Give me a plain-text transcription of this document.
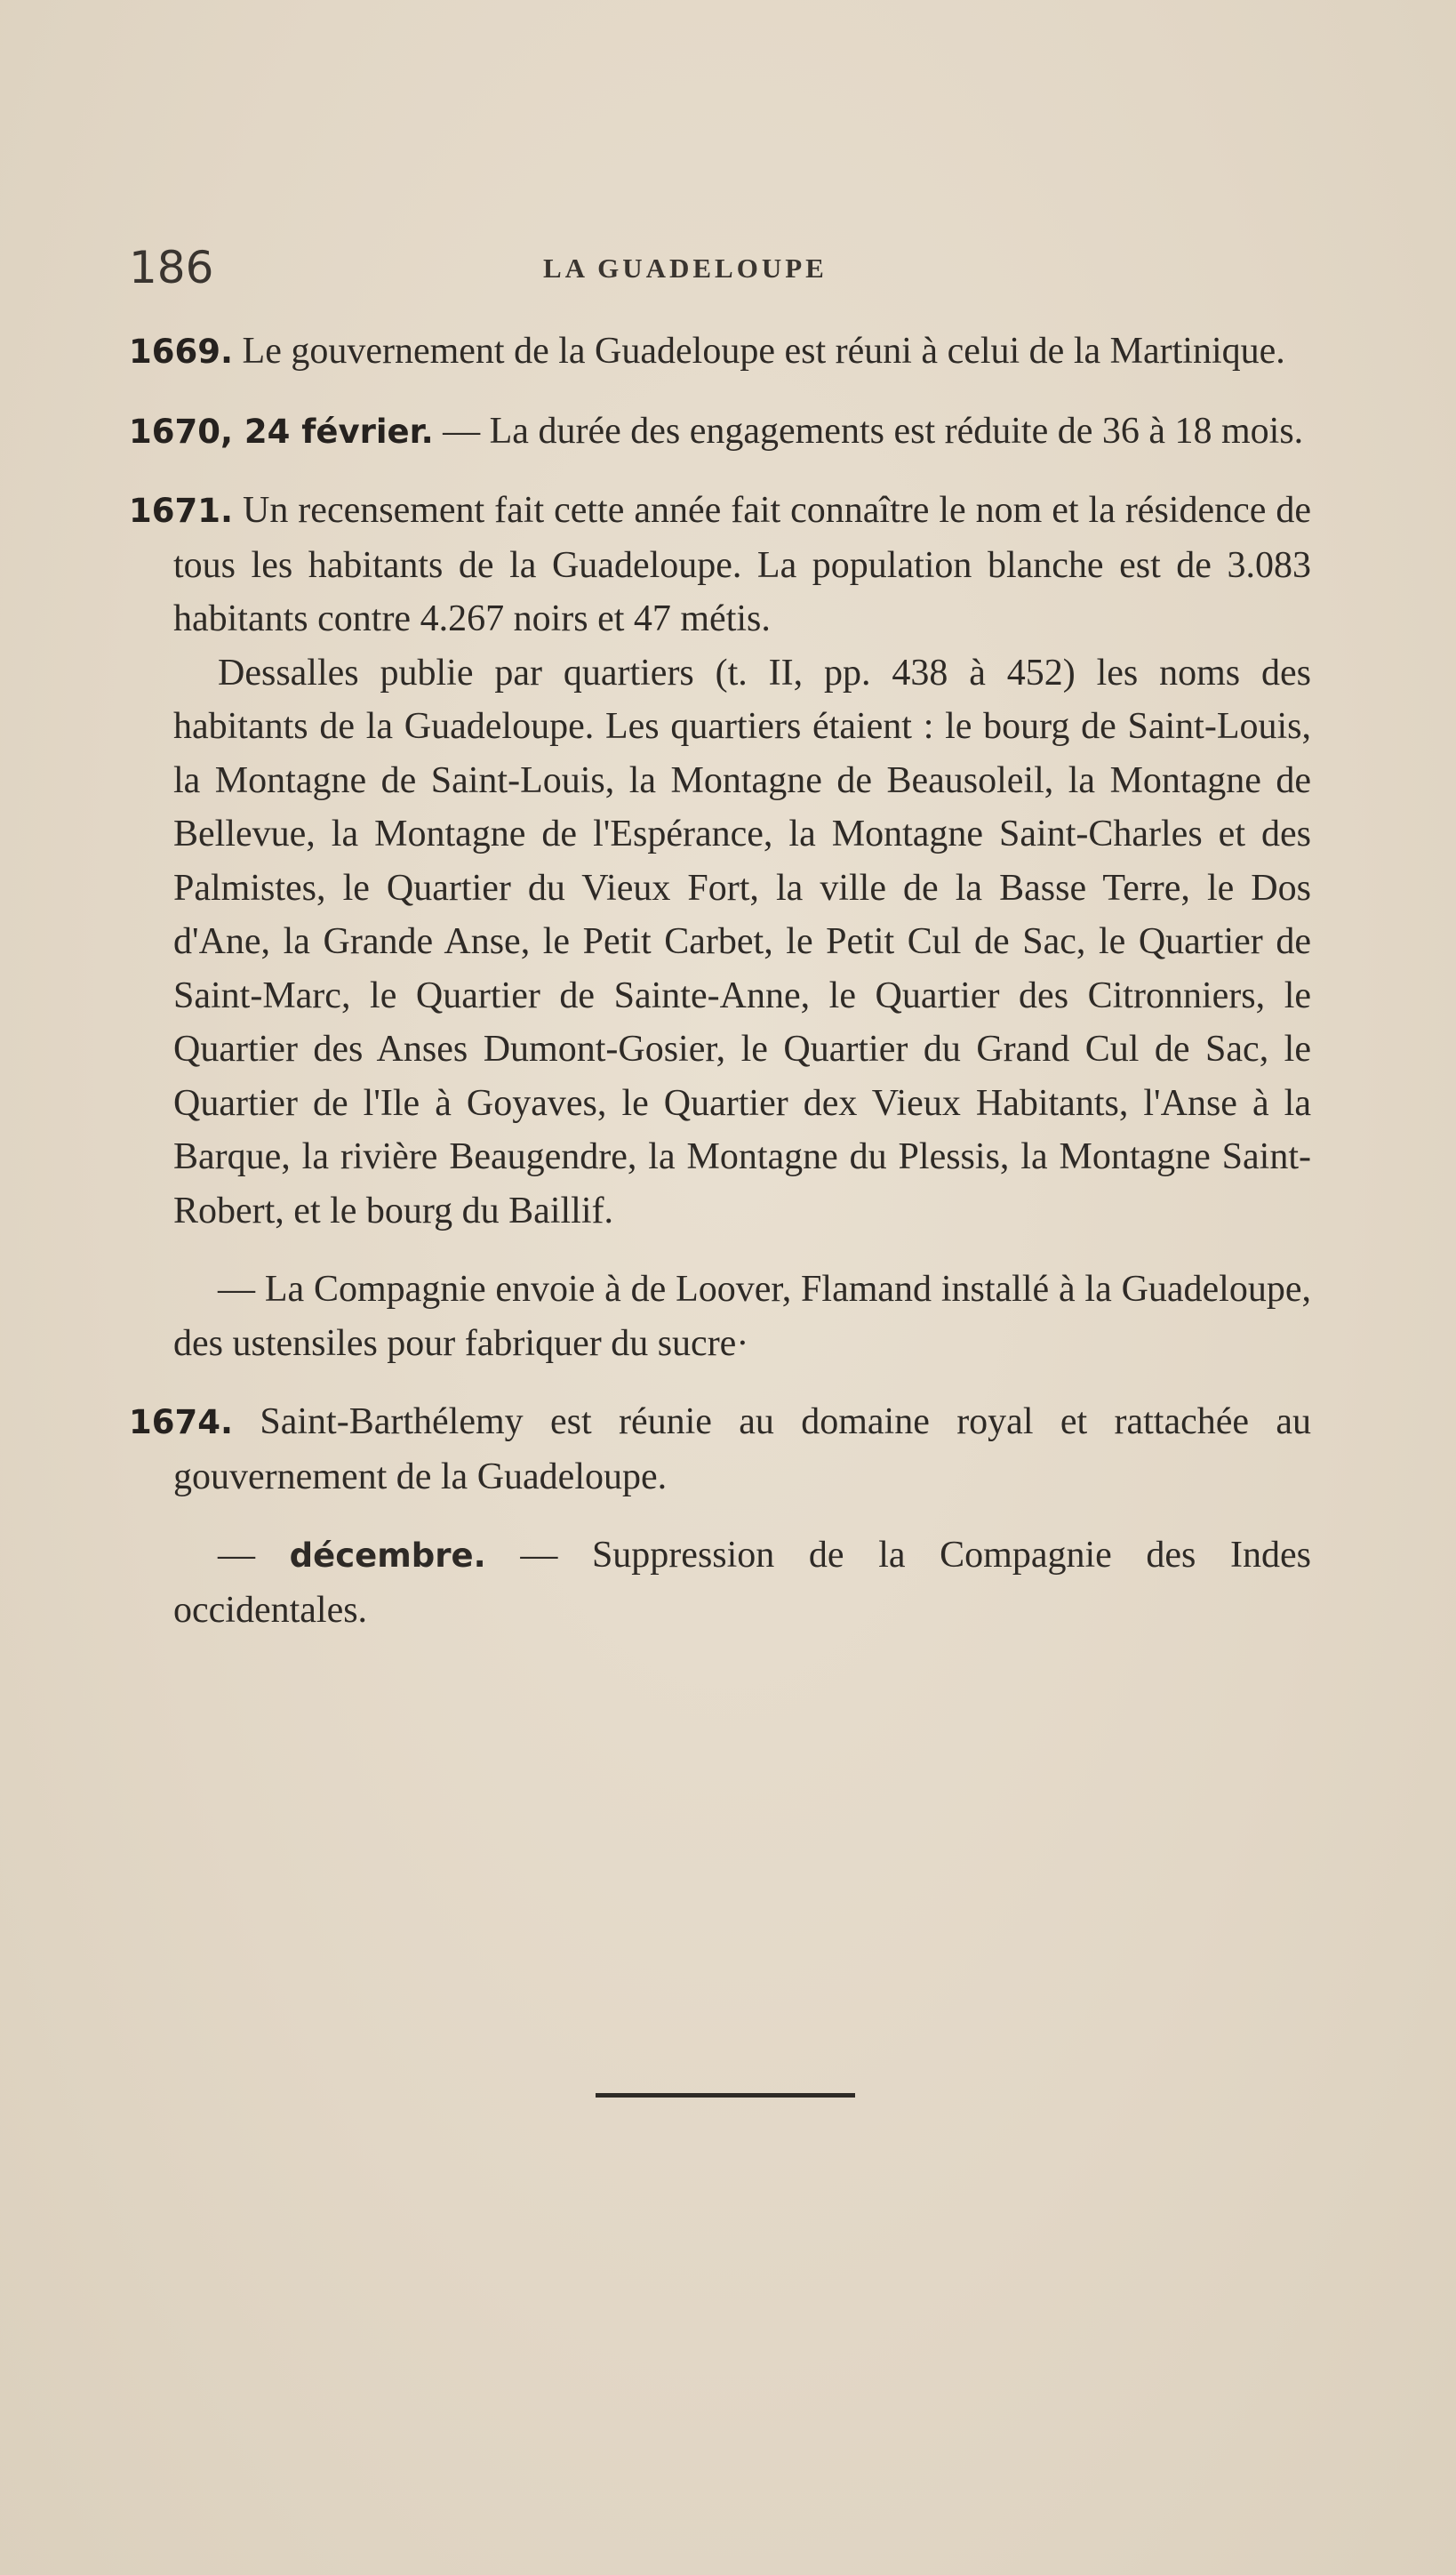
186	LA GUADELOUPE

1669. Le gouvernement de la Guadeloupe est réuni à celui de la Martinique.

1670, 24 février. — La durée des engagements est réduite de 36 à 18 mois.

1671. Un recensement fait cette année fait connaître le nom et la résidence de tous les habitants de la Guadeloupe. La population blanche est de 3.083 habitants contre 4.267 noirs et 47 métis.

Dessalles publie par quartiers (t. II, pp. 438 à 452) les noms des habitants de la Guadeloupe. Les quartiers étaient : le bourg de Saint-Louis, la Montagne de Saint-Louis, la Montagne de Beausoleil, la Montagne de Bellevue, la Montagne de l'Espérance, la Montagne Saint-Charles et des Palmistes, le Quartier du Vieux Fort, la ville de la Basse Terre, le Dos d'Ane, la Grande Anse, le Petit Carbet, le Petit Cul de Sac, le Quartier de Saint-Marc, le Quartier de Sainte-Anne, le Quartier des Citronniers, le Quartier des Anses Dumont-Gosier, le Quartier du Grand Cul de Sac, le Quartier de l'Ile à Goyaves, le Quartier dex Vieux Habitants, l'Anse à la Barque, la rivière Beaugendre, la Montagne du Plessis, la Montagne Saint-Robert, et le bourg du Baillif.

— La Compagnie envoie à de Loover, Flamand installé à la Guadeloupe, des ustensiles pour fabriquer du sucre·

1674. Saint-Barthélemy est réunie au domaine royal et rattachée au gouvernement de la Guadeloupe.

— décembre. — Suppression de la Compagnie des Indes occidentales.
